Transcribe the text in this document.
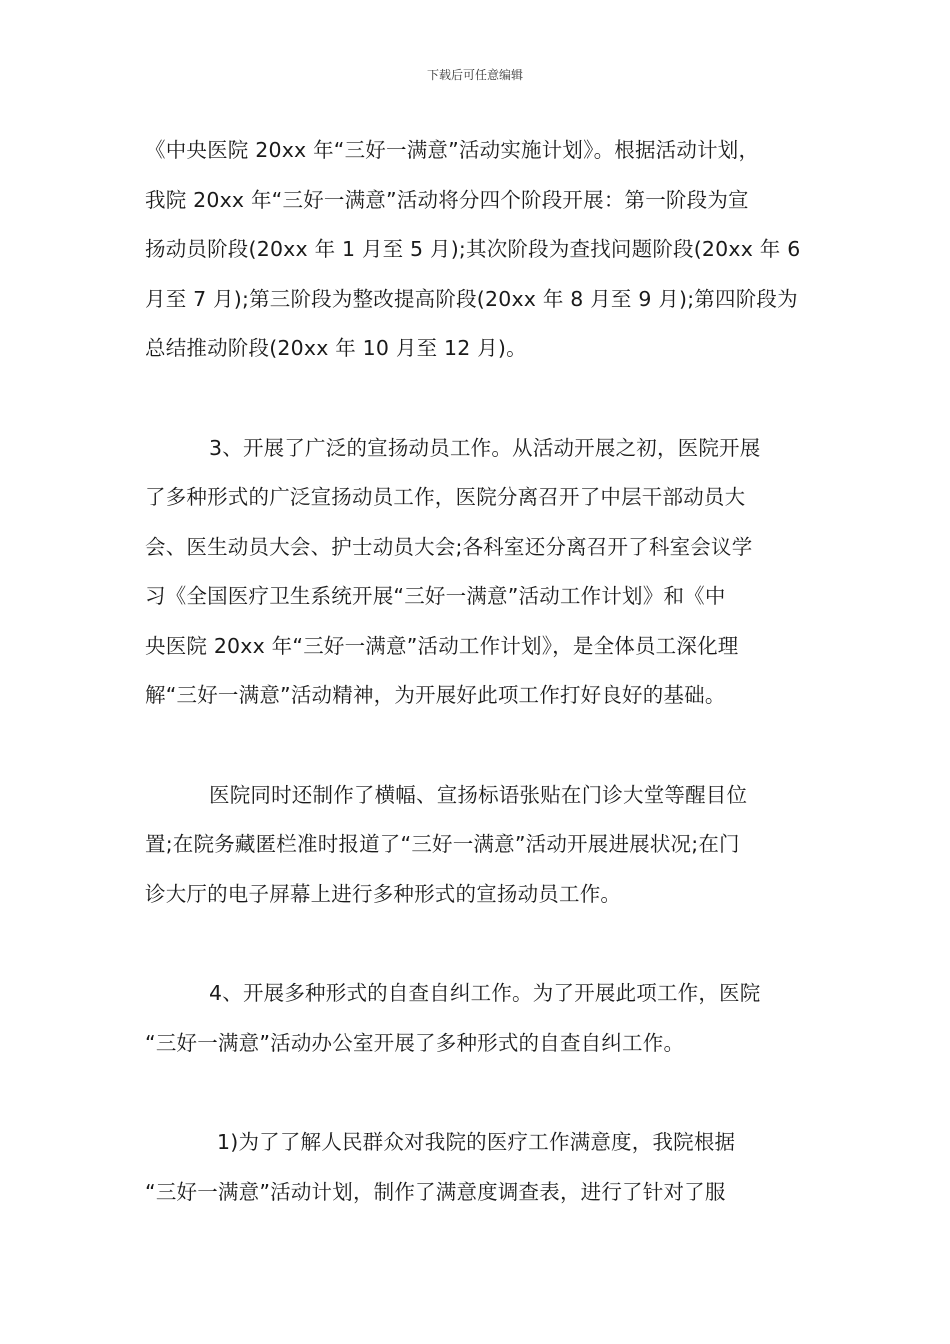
下载后可任意编辑

《中央医院 20xx 年“三好一满意”活动实施计划》。根据活动计划，
我院 20xx 年“三好一满意”活动将分四个阶段开展：第一阶段为宣
扬动员阶段(20xx 年 1 月至 5 月);其次阶段为查找问题阶段(20xx 年 6
月至 7 月);第三阶段为整改提高阶段(20xx 年 8 月至 9 月);第四阶段为
总结推动阶段(20xx 年 10 月至 12 月)。

3、开展了广泛的宣扬动员工作。从活动开展之初，医院开展
了多种形式的广泛宣扬动员工作，医院分离召开了中层干部动员大
会、医生动员大会、护士动员大会;各科室还分离召开了科室会议学
习《全国医疗卫生系统开展“三好一满意”活动工作计划》和《中
央医院 20xx 年“三好一满意”活动工作计划》，是全体员工深化理
解“三好一满意”活动精神，为开展好此项工作打好良好的基础。

医院同时还制作了横幅、宣扬标语张贴在门诊大堂等醒目位
置;在院务藏匿栏准时报道了“三好一满意”活动开展进展状况;在门
诊大厅的电子屏幕上进行多种形式的宣扬动员工作。

4、开展多种形式的自查自纠工作。为了开展此项工作，医院
“三好一满意”活动办公室开展了多种形式的自查自纠工作。

1)为了了解人民群众对我院的医疗工作满意度，我院根据
“三好一满意”活动计划，制作了满意度调查表，进行了针对了服
